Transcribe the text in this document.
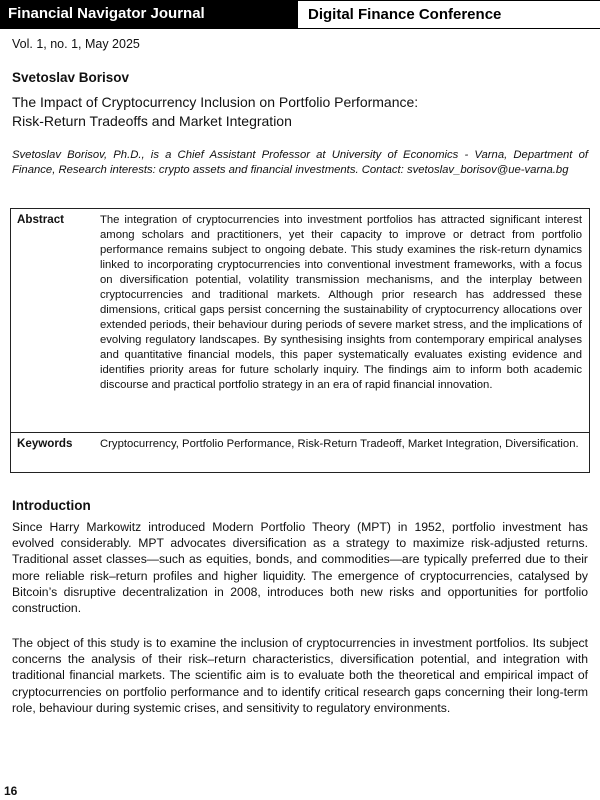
Financial Navigator Journal	Digital Finance Conference
Vol. 1, no. 1, May 2025
Svetoslav Borisov
The Impact of Cryptocurrency Inclusion on Portfolio Performance:
Risk-Return Tradeoffs and Market Integration
Svetoslav Borisov, Ph.D., is a Chief Assistant Professor at University of Economics - Varna, Department of Finance, Research interests: crypto assets and financial investments. Contact: svetoslav_borisov@ue-varna.bg
Abstract	The integration of cryptocurrencies into investment portfolios has attracted significant interest among scholars and practitioners, yet their capacity to improve or detract from portfolio performance remains subject to ongoing debate. This study examines the risk-return dynamics linked to incorporating cryptocurrencies into conventional investment frameworks, with a focus on diversification potential, volatility transmission mechanisms, and the interplay between cryptocurrencies and traditional markets. Although prior research has addressed these dimensions, critical gaps persist concerning the sustainability of cryptocurrency allocations over extended periods, their behaviour during periods of severe market stress, and the implications of evolving regulatory landscapes. By synthesising insights from contemporary empirical analyses and quantitative financial models, this paper systematically evaluates existing evidence and identifies priority areas for future scholarly inquiry. The findings aim to inform both academic discourse and practical portfolio strategy in an era of rapid financial innovation.
Keywords Cryptocurrency, Portfolio Performance, Risk-Return Tradeoff, Market Integration, Diversification.
Introduction
Since Harry Markowitz introduced Modern Portfolio Theory (MPT) in 1952, portfolio investment has evolved considerably. MPT advocates diversification as a strategy to maximize risk-adjusted returns. Traditional asset classes—such as equities, bonds, and commodities—are typically preferred due to their more reliable risk–return profiles and higher liquidity. The emergence of cryptocurrencies, catalysed by Bitcoin’s disruptive decentralization in 2008, introduces both new risks and opportunities for portfolio construction.
The object of this study is to examine the inclusion of cryptocurrencies in investment portfolios. Its subject concerns the analysis of their risk–return characteristics, diversification potential, and integration with traditional financial markets. The scientific aim is to evaluate both the theoretical and empirical impact of cryptocurrencies on portfolio performance and to identify critical research gaps concerning their long-term role, behaviour during systemic crises, and sensitivity to regulatory environments.
16
